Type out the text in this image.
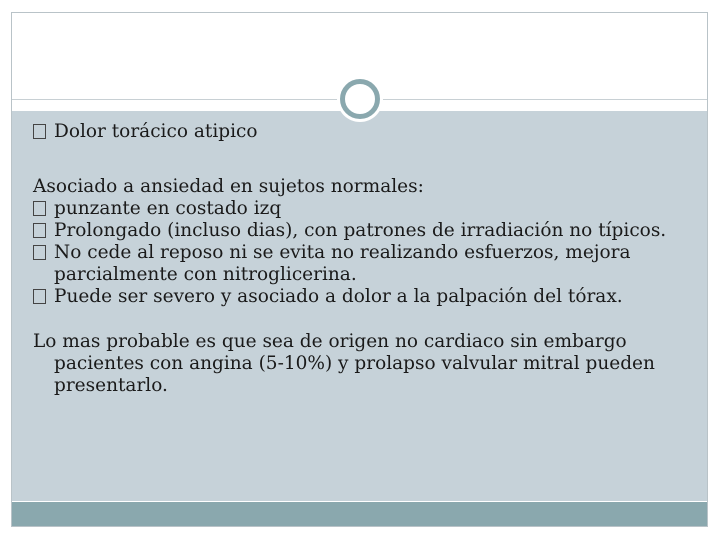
Dolor torácico atipico
Asociado a ansiedad en sujetos normales:
punzante en costado izq
Prolongado (incluso dias), con patrones de irradiación no típicos.
No cede al reposo ni se evita no realizando esfuerzos, mejora parcialmente con nitroglicerina.
Puede ser severo y asociado a dolor a la palpación del tórax.
Lo mas probable es que sea de origen no cardiaco sin embargo pacientes con angina (5-10%) y prolapso valvular mitral pueden presentarlo.
